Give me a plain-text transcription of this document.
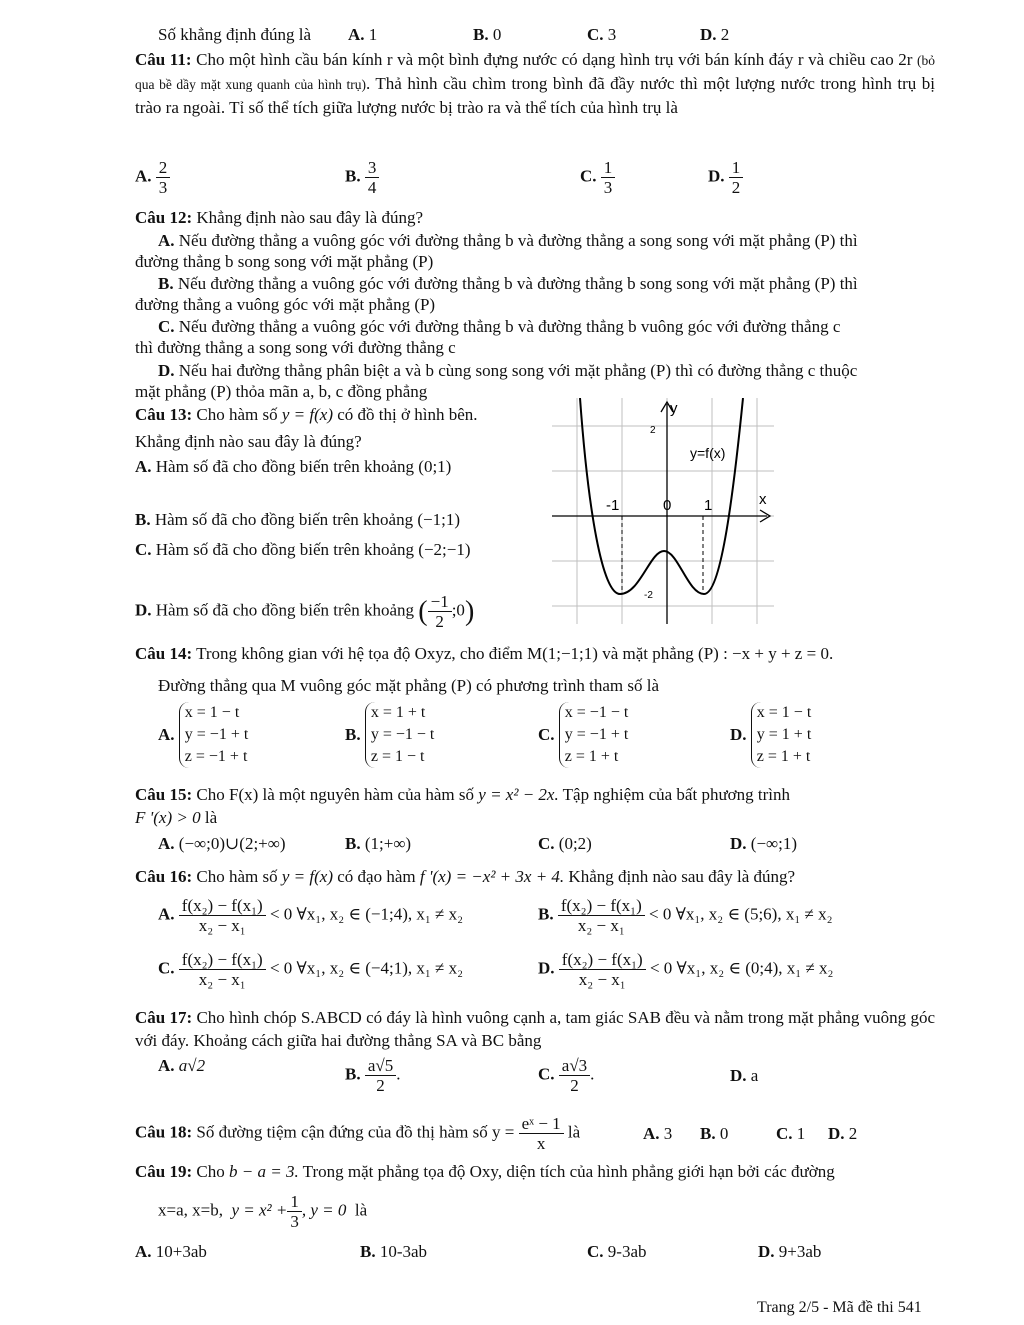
Số khẳng định đúng là A. 1	B. 0	C. 3	D. 2
Câu 11: Cho một hình cầu bán kính r và một bình đựng nước có dạng hình trụ với bán kính đáy r và chiều cao 2r (bỏ qua bề dầy mặt xung quanh của hình trụ). Thả hình cầu chìm trong bình đã đầy nước thì một lượng nước trong hình trụ bị trào ra ngoài. Tỉ số thể tích giữa lượng nước bị trào ra và thể tích của hình trụ là
A. $\frac{2}{3}$	B. $\frac{3}{4}$	C. $\frac{1}{3}$	D. $\frac{1}{2}$
Câu 12: Khẳng định nào sau đây là đúng?
A. Nếu đường thẳng a vuông góc với đường thẳng b và đường thẳng a song song với mặt phẳng (P) thì
đường thẳng b song song với mặt phẳng (P)
B. Nếu đường thẳng a vuông góc với đường thẳng b và đường thẳng b song song với mặt phẳng (P) thì
đường thẳng a vuông góc với mặt phẳng (P)
C. Nếu đường thẳng a vuông góc với đường thẳng b và đường thẳng b vuông góc với đường thẳng c
thì đường thẳng a song song với đường thẳng c
D. Nếu hai đường thẳng phân biệt a và b cùng song song với mặt phẳng (P) thì có đường thẳng c thuộc
mặt phẳng (P) thỏa mãn a, b, c đồng phẳng
Câu 13: Cho hàm số y = f(x) có đồ thị ở hình bên.
Khẳng định nào sau đây là đúng?
A. Hàm số đã cho đồng biến trên khoảng (0;1)
B. Hàm số đã cho đồng biến trên khoảng (−1;1)
C. Hàm số đã cho đồng biến trên khoảng (−2;−1)
D. Hàm số đã cho đồng biến trên khoảng ( $\frac{-1}{2}$ ;0)
y
x
y=f(x)
2
-2
-1	0 1
Câu 14: Trong không gian với hệ tọa độ Oxyz, cho điểm M(1;−1;1) và mặt phẳng (P) : −x + y + z = 0.
Đường thẳng qua M vuông góc mặt phẳng (P) có phương trình tham số là
A. x = 1 − t
y = −1 + t
z = −1 + t
B. x = 1 + t
y = −1 − t
z = 1 − t
C. x = −1 − t
y = −1 + t
z = 1 + t
D. x = 1 − t
y = 1 + t
z = 1 + t
Câu 15: Cho F(x) là một nguyên hàm của hàm số y = x² − 2x. Tập nghiệm của bất phương trình
F '(x) > 0 là
A. (−∞;0)∪(2;+∞)	B. (1;+∞)	C. (0;2)	D. (−∞;1)
Câu 16: Cho hàm số y = f(x) có đạo hàm f '(x) = −x² + 3x + 4. Khẳng định nào sau đây là đúng?
A. $\frac{\text{f(x₂) − f(x₁)}}{\text{x₂ − x₁}} < 0$ ∀x₁, x₂ ∈ (−1;4), x₁ ≠ x₂	B. $\frac{\text{f(x₂) − f(x₁)}}{\text{x₂ − x₁}} < 0$ ∀x₁, x₂ ∈ (5;6), x₁ ≠ x₂
C. $\frac{\text{f(x₂) − f(x₁)}}{\text{x₂ − x₁}} < 0$ ∀x₁, x₂ ∈ (−4;1), x₁ ≠ x₂	D. $\frac{\text{f(x₂) − f(x₁)}}{\text{x₂ − x₁}} < 0$ ∀x₁, x₂ ∈ (0;4), x₁ ≠ x₂
Câu 17: Cho hình chóp S.ABCD có đáy là hình vuông cạnh a, tam giác SAB đều và nằm trong mặt phẳng vuông góc với đáy. Khoảng cách giữa hai đường thẳng SA và BC bằng
A. a√2	B. $\frac{a√5}{2}$ .	C. $\frac{a√3}{2}$ .	D. a
Câu 18: Số đường tiệm cận đứng của đồ thị hàm số $y = \frac{\text{eˣ − 1}}{x}$ là	A. 3 B. 0	C. 1 D. 2
Câu 19: Cho b − a = 3. Trong mặt phẳng tọa độ Oxy, diện tích của hình phẳng giới hạn bởi các đường
x=a, x=b, $y = x^2 + \frac{1}{3}$ , y = 0 là
A. 10+3ab	B. 10-3ab	C. 9-3ab	D. 9+3ab
Trang 2/5 - Mã đề thi 541
